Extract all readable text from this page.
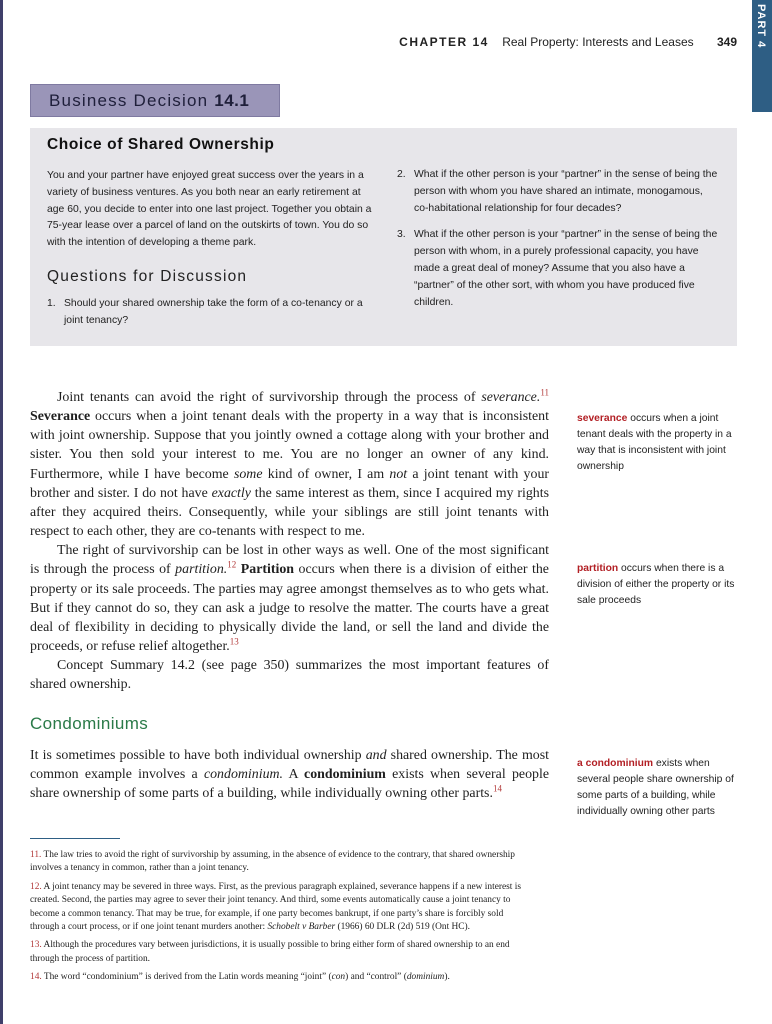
CHAPTER 14 Real Property: Interests and Leases 349 PART 4
Business Decision 14.1
Choice of Shared Ownership
You and your partner have enjoyed great success over the years in a variety of business ventures. As you both near an early retirement at age 60, you decide to enter into one last project. Together you obtain a 75-year lease over a parcel of land on the outskirts of town. You do so with the intention of developing a theme park.
Questions for Discussion
1. Should your shared ownership take the form of a co-tenancy or a joint tenancy?
2. What if the other person is your “partner” in the sense of being the person with whom you have shared an intimate, monogamous, co-habitational relationship for four decades?
3. What if the other person is your “partner” in the sense of being the person with whom, in a purely professional capacity, you have made a great deal of money? Assume that you also have a “partner” of the other sort, with whom you have produced five children.

Joint tenants can avoid the right of survivorship through the process of severance.$^{11}$ Severance occurs when a joint tenant deals with the property in a way that is inconsistent with joint ownership. Suppose that you jointly owned a cottage along with your brother and sister. You then sold your interest to me. You are no longer an owner of any kind. Furthermore, while I have become some kind of owner, I am not a joint tenant with your brother and sister. I do not have exactly the same interest as them, since I acquired my rights after they acquired theirs. Consequently, while your siblings are still joint tenants with respect to each other, they are co-tenants with respect to me.

The right of survivorship can be lost in other ways as well. One of the most significant is through the process of partition.$^{12}$ Partition occurs when there is a division of either the property or its sale proceeds. The parties may agree amongst themselves as to who gets what. But if they cannot do so, they can ask a judge to resolve the matter. The courts have a great deal of flexibility in deciding to physically divide the land, or sell the land and divide the proceeds, or refuse relief altogether.$^{13}$

Concept Summary 14.2 (see page 350) summarizes the most important features of shared ownership.

Condominiums

It is sometimes possible to have both individual ownership and shared ownership. The most common example involves a condominium. A condominium exists when several people share ownership of some parts of a building, while individually owning other parts.$^{14}$

severance occurs when a joint tenant deals with the property in a way that is inconsistent with joint ownership
partition occurs when there is a division of either the property or its sale proceeds
a condominium exists when several people share ownership of some parts of a building, while individually owning other parts

11. The law tries to avoid the right of survivorship by assuming, in the absence of evidence to the contrary, that shared ownership involves a tenancy in common, rather than a joint tenancy.

12. A joint tenancy may be severed in three ways. First, as the previous paragraph explained, severance happens if a new interest is created. Second, the parties may agree to sever their joint tenancy. And third, some events automatically cause a joint tenancy to become a common tenancy. That may be true, for example, if one party becomes bankrupt, if one party’s share is forcibly sold through a court process, or if one joint tenant murders another: Schobelt v Barber (1966) 60 DLR (2d) 519 (Ont HC).

13. Although the procedures vary between jurisdictions, it is usually possible to bring either form of shared ownership to an end through the process of partition.

14. The word “condominium” is derived from the Latin words meaning “joint” (con) and “control” (dominium).
